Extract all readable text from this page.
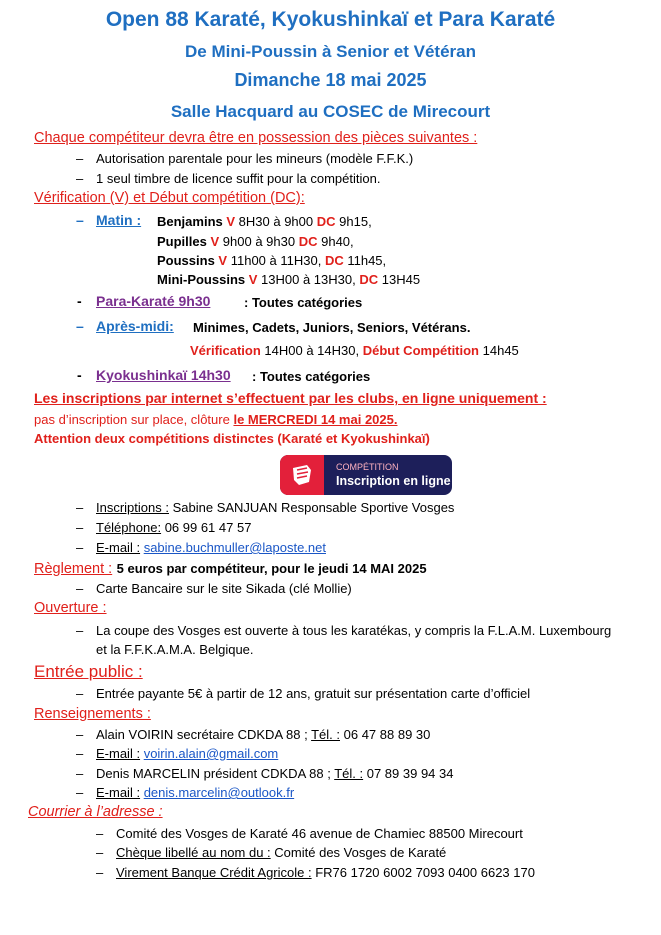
Open 88 Karaté, Kyokushinkaï et Para Karaté
De Mini-Poussin à Senior et Vétéran
Dimanche 18 mai 2025
Salle Hacquard au COSEC de Mirecourt
Chaque compétiteur devra être en possession des pièces suivantes :
– Autorisation parentale pour les mineurs (modèle F.F.K.)
– 1 seul timbre de licence suffit pour la compétition.
Vérification (V) et Début compétition (DC):
– Matin : Benjamins V 8H30 à 9h00 DC 9h15,
Pupilles V 9h00 à 9h30 DC 9h40,
Poussins V 11h00 à 11H30, DC 11h45,
Mini-Poussins V 13H00 à 13H30, DC 13H45
- Para-Karaté 9h30	: Toutes catégories
– Après-midi: Minimes, Cadets, Juniors, Seniors, Vétérans.
Vérification 14H00 à 14H30, Début Compétition 14h45
- Kyokushinkaï 14h30 : Toutes catégories
Les inscriptions par internet s’effectuent par les clubs, en ligne uniquement :
pas d’inscription sur place, clôture le MERCREDI 14 mai 2025.
Attention deux compétitions distinctes (Karaté et Kyokushinkaï)
COMPÉTITION
Inscription en ligne
– Inscriptions : Sabine SANJUAN Responsable Sportive Vosges
– Téléphone: 06 99 61 47 57
– E-mail : sabine.buchmuller@laposte.net
Règlement : 5 euros par compétiteur, pour le jeudi 14 MAI 2025
– Carte Bancaire sur le site Sikada (clé Mollie)
Ouverture :
– La coupe des Vosges est ouverte à tous les karatékas, y compris la F.L.A.M. Luxembourg
et la F.F.K.A.M.A. Belgique.
Entrée public :
– Entrée payante 5€ à partir de 12 ans, gratuit sur présentation carte d’officiel
Renseignements :
– Alain VOIRIN secrétaire CDKDA 88 ; Tél. : 06 47 88 89 30
– E-mail : voirin.alain@gmail.com
– Denis MARCELIN président CDKDA 88 ; Tél. : 07 89 39 94 34
– E-mail : denis.marcelin@outlook.fr
Courrier à l’adresse :
– Comité des Vosges de Karaté 46 avenue de Chamiec 88500 Mirecourt
– Chèque libellé au nom du : Comité des Vosges de Karaté
– Virement Banque Crédit Agricole : FR76 1720 6002 7093 0400 6623 170
